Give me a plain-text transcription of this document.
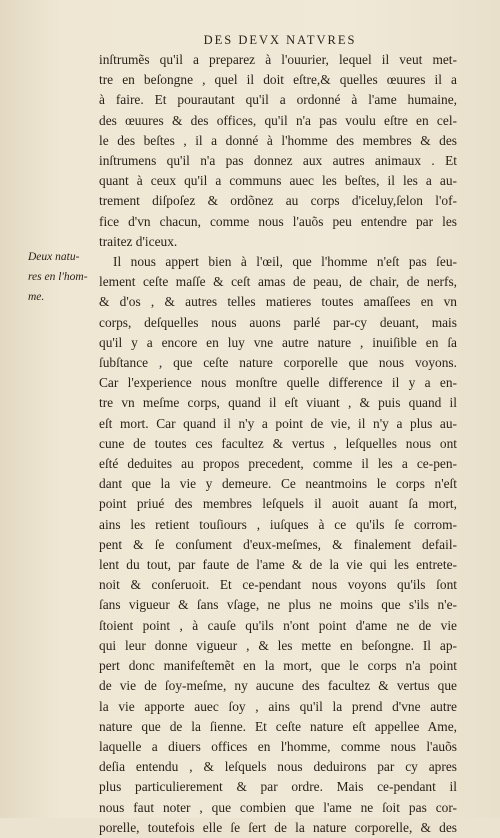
DES DEVX NATVRES
Deux natu-
res en l'hom-
me.
inſtrumẽs qu'il a preparez à l'ouurier, lequel il veut met-
tre en beſongne , quel il doit eſtre,& quelles œuures il a
à faire. Et pourautant qu'il a ordonné à l'ame humaine,
des œuures & des offices, qu'il n'a pas voulu eſtre en cel-
le des beſtes , il a donné à l'homme des membres & des
inſtrumens qu'il n'a pas donnez aux autres animaux . Et
quant à ceux qu'il a communs auec les beſtes, il les a au-
trement diſpoſez & ordõnez au corps d'iceluy,ſelon l'of-
fice d'vn chacun, comme nous l'auõs peu entendre par les
traitez d'iceux.
Il nous appert bien à l'œil, que l'homme n'eſt pas ſeu-
lement ceſte maſſe & ceſt amas de peau, de chair, de nerfs,
& d'os , & autres telles matieres toutes amaſſees en vn
corps, deſquelles nous auons parlé par-cy deuant, mais
qu'il y a encore en luy vne autre nature , inuiſible en ſa
ſubſtance , que ceſte nature corporelle que nous voyons.
Car l'experience nous monſtre quelle difference il y a en-
tre vn meſme corps, quand il eſt viuant , & puis quand il
eſt mort. Car quand il n'y a point de vie, il n'y a plus au-
cune de toutes ces facultez & vertus , leſquelles nous ont
eſté deduites au propos precedent, comme il les a ce-pen-
dant que la vie y demeure. Ce neantmoins le corps n'eſt
point priué des membres leſquels il auoit auant ſa mort,
ains les retient touſiours , iuſques à ce qu'ils ſe corrom-
pent & ſe conſument d'eux-meſmes, & finalement defail-
lent du tout, par faute de l'ame & de la vie qui les entrete-
noit & conſeruoit. Et ce-pendant nous voyons qu'ils ſont
ſans vigueur & ſans vſage, ne plus ne moins que s'ils n'e-
ſtoient point , à cauſe qu'ils n'ont point d'ame ne de vie
qui leur donne vigueur , & les mette en beſongne. Il ap-
pert donc manifeſtemẽt en la mort, que le corps n'a point
de vie de ſoy-meſme, ny aucune des facultez & vertus que
la vie apporte auec ſoy , ains qu'il la prend d'vne autre
nature que de la ſienne. Et ceſte nature eſt appellee Ame,
laquelle a diuers offices en l'homme, comme nous l'auõs
deſia entendu , & leſquels nous deduirons par cy apres
plus particulierement & par ordre. Mais ce-pendant il
nous faut noter , que combien que l'ame ne ſoit pas cor-
porelle, toutefois elle ſe ſert de la nature corporelle, & des
